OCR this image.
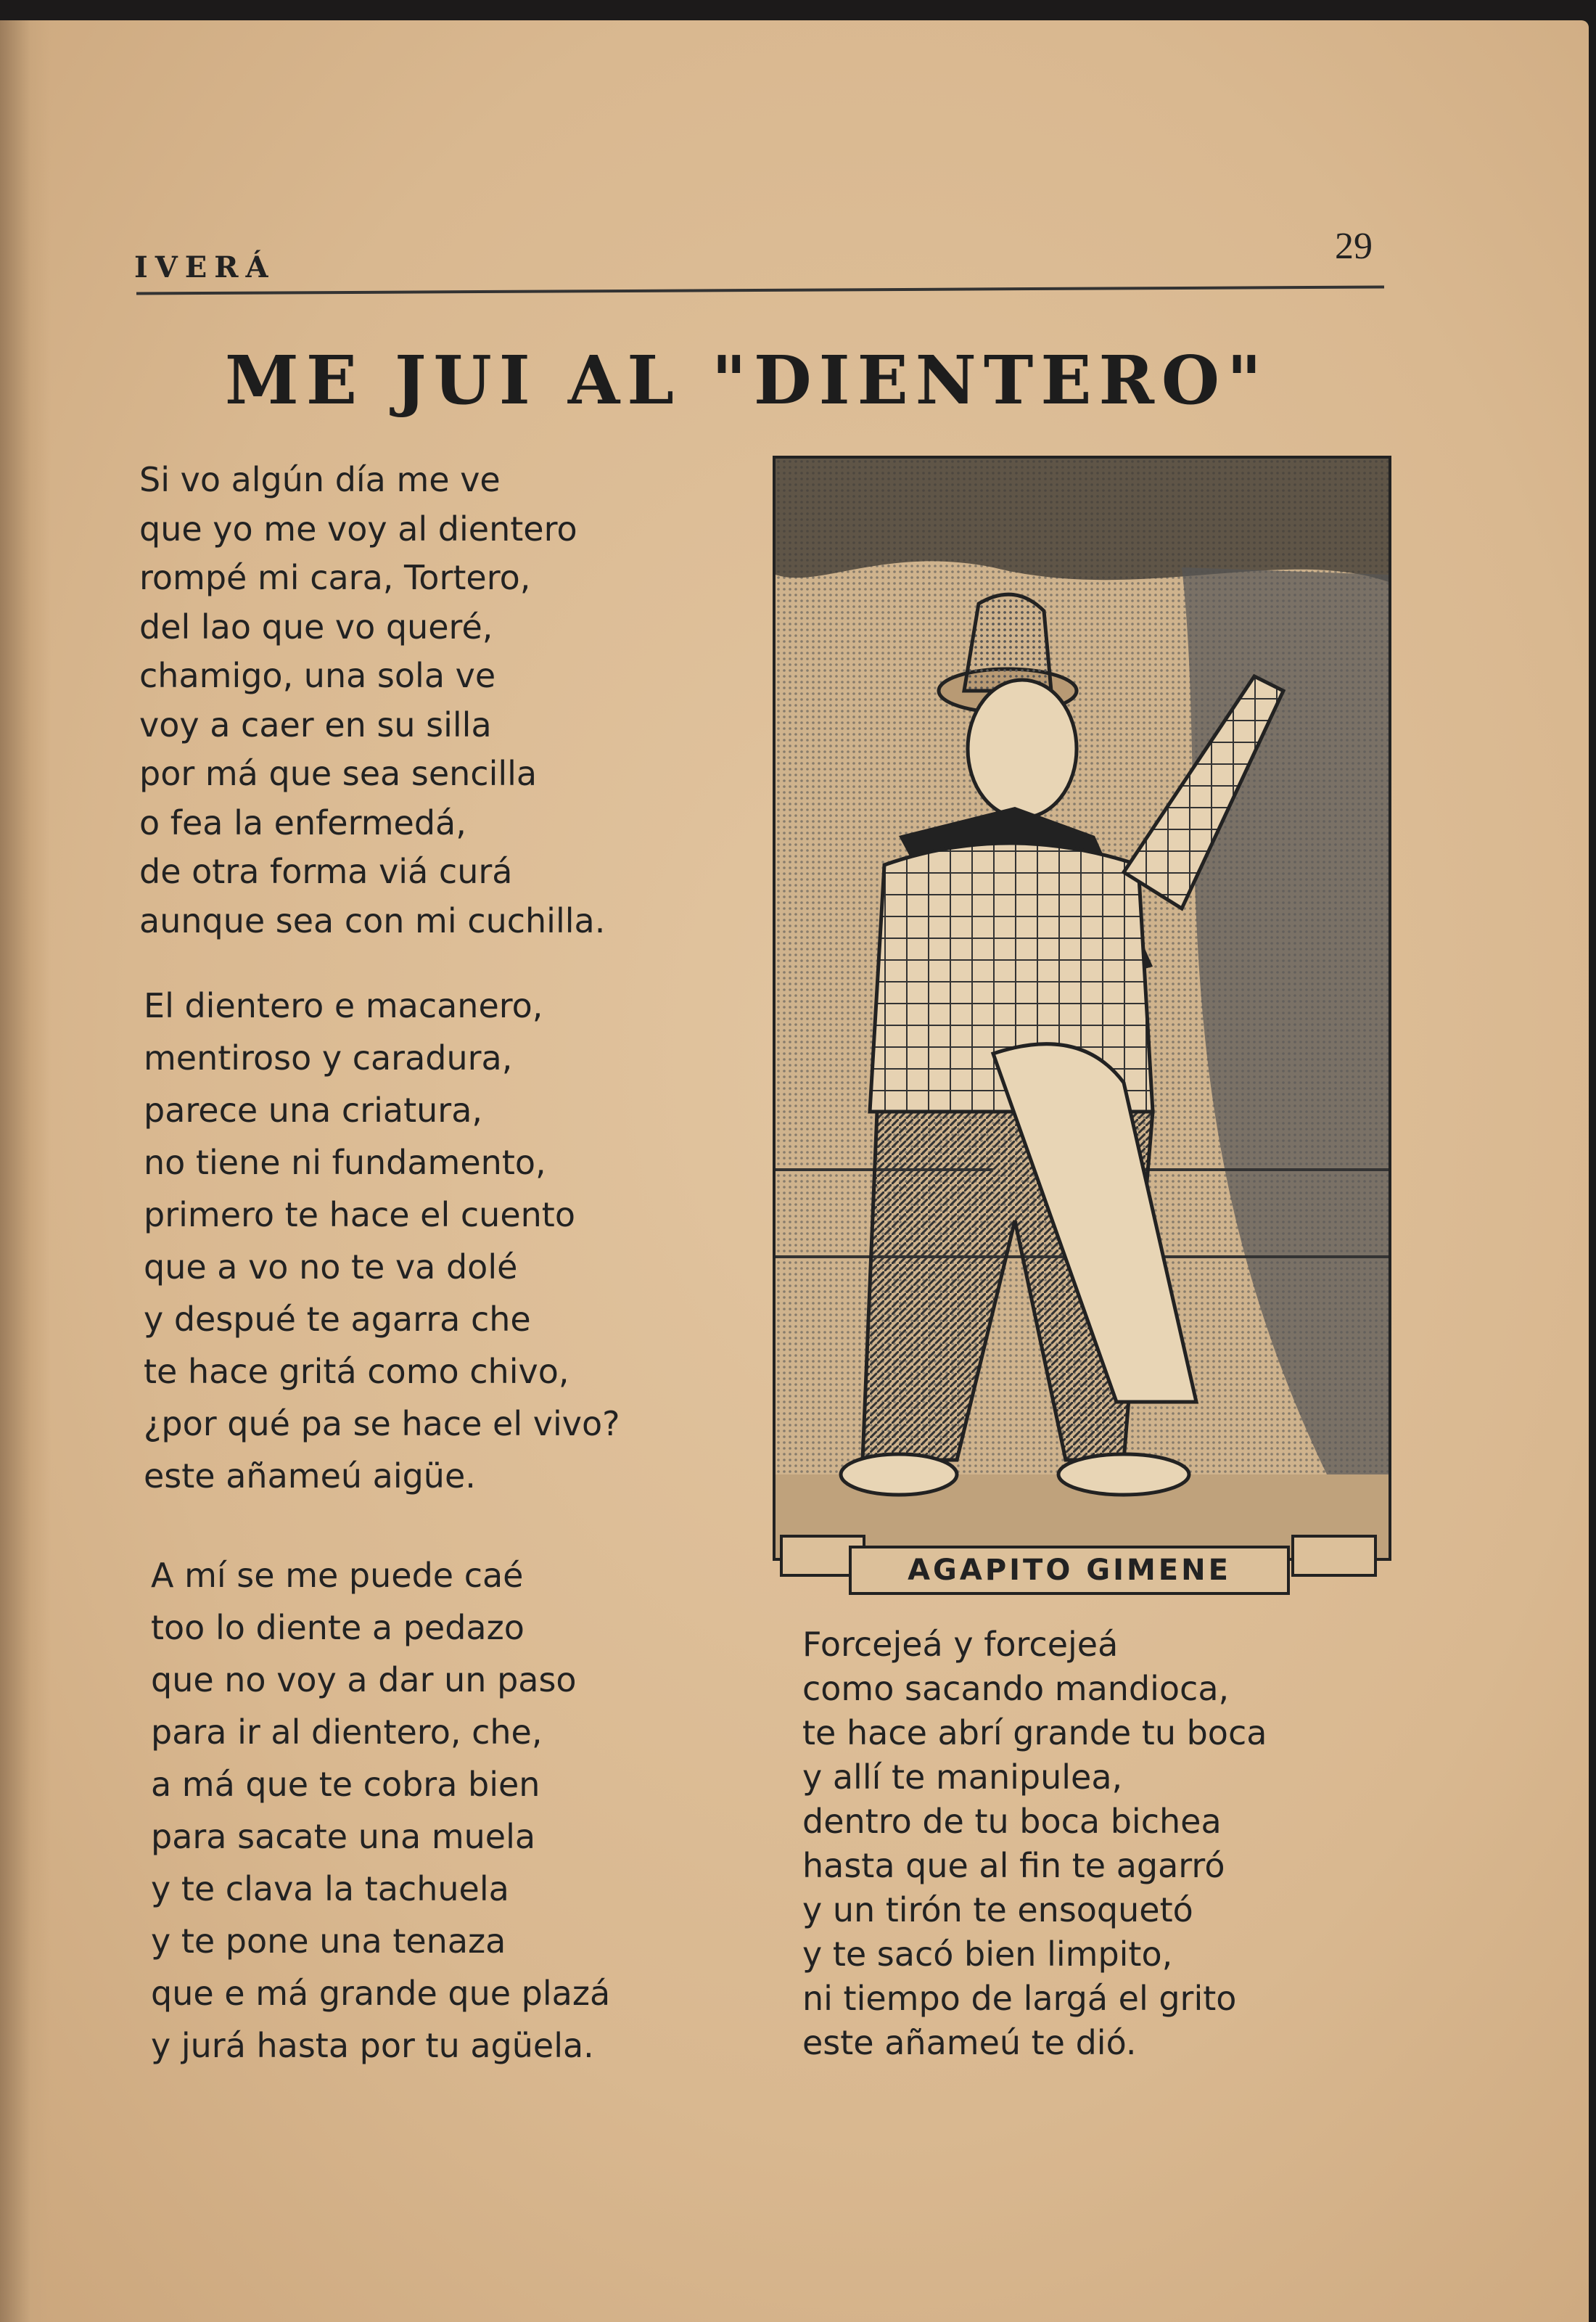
IVERÁ
29
ME JUI AL "DIENTERO"
Si vo algún día me ve
que yo me voy al dientero
rompé mi cara, Tortero,
del lao que vo queré,
chamigo, una sola ve
voy a caer en su silla
por má que sea sencilla
o fea la enfermedá,
de otra forma viá curá
aunque sea con mi cuchilla.
El dientero e macanero,
mentiroso y caradura,
parece una criatura,
no tiene ni fundamento,
primero te hace el cuento
que a vo no te va dolé
y despué te agarra che
te hace gritá como chivo,
¿por qué pa se hace el vivo?
este añameú aigüe.
A mí se me puede caé
too lo diente a pedazo
que no voy a dar un paso
para ir al dientero, che,
a má que te cobra bien
para sacate una muela
y te clava la tachuela
y te pone una tenaza
que e má grande que plazá
y jurá hasta por tu agüela.
Forcejeá y forcejeá
como sacando mandioca,
te hace abrí grande tu boca
y allí te manipulea,
dentro de tu boca bichea
hasta que al fin te agarró
y un tirón te ensoquetó
y te sacó bien limpito,
ni tiempo de largá el grito
este añameú te dió.
AGAPITO GIMENE
